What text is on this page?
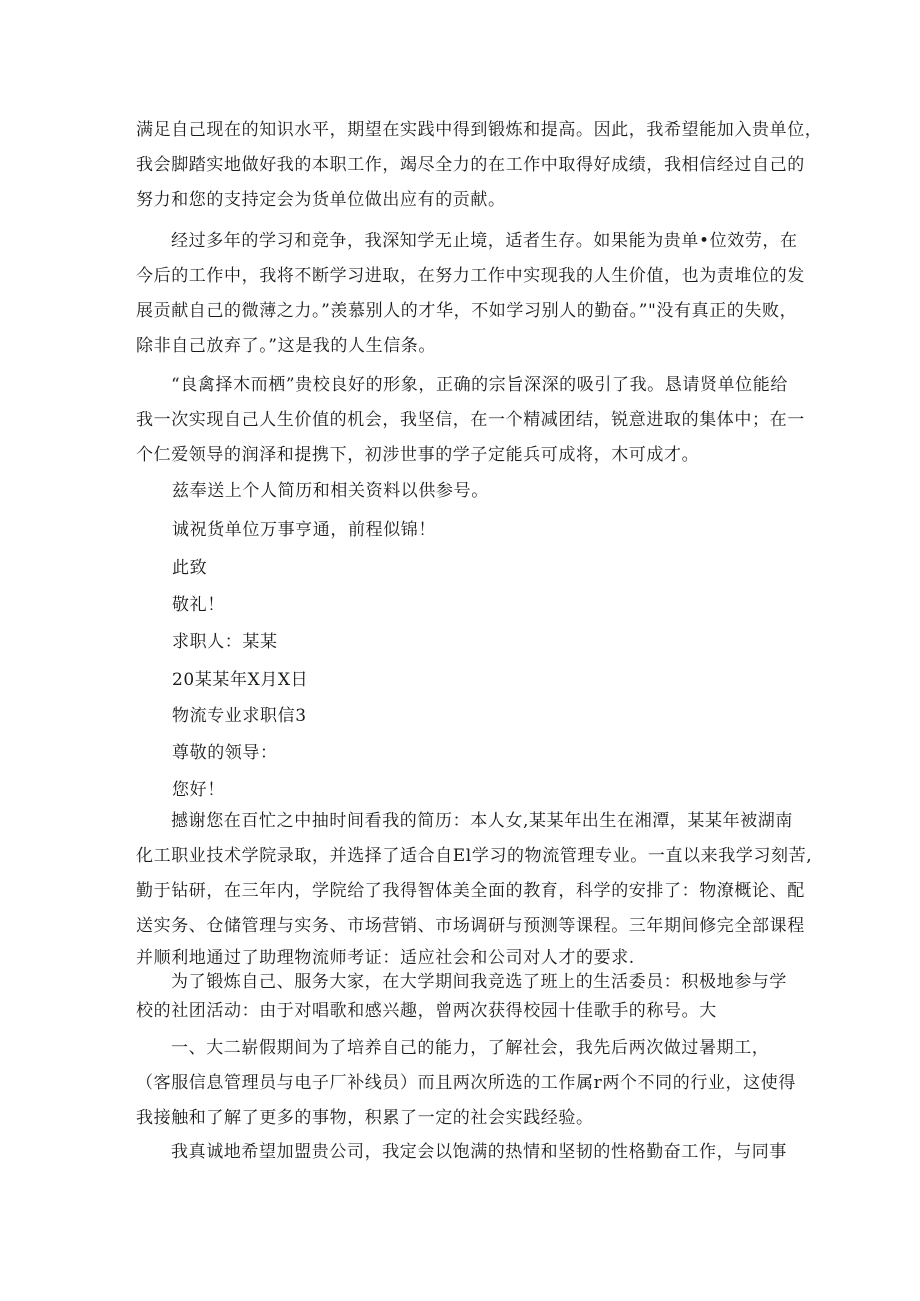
满足自己现在的知识水平，期望在实践中得到锻炼和提高。因此，我希望能加入贵单位，
我会脚踏实地做好我的本职工作，竭尽全力的在工作中取得好成绩，我相信经过自己的
努力和您的支持定会为货单位做出应有的贡献。
经过多年的学习和竞争，我深知学无止境，适者生存。如果能为贵单•位效劳，在
今后的工作中，我将不断学习进取，在努力工作中实现我的人生价值，也为责堆位的发
展贡献自己的微薄之力。”羡慕别人的才华，不如学习别人的勤奋。”"没有真正的失败，
除非自己放弃了。”这是我的人生信条。
“良禽择木而栖”贵校良好的形象，正确的宗旨深深的吸引了我。恳请贤单位能给
我一次实现自己人生价值的机会，我坚信，在一个精减团结，锐意进取的集体中；在一
个仁爱领导的润泽和提携下，初涉世事的学子定能兵可成将，木可成才。
兹奉送上个人简历和相关资料以供参号。
诚祝货单位万事亨通，前程似锦！
此致
敬礼！
求职人：某某
20某某年X月X日
物流专业求职信3
尊敬的领导：
您好！
撼谢您在百忙之中抽时间看我的简历：本人女,某某年出生在湘潭，某某年被湖南
化工职业技术学院录取，并选择了适合自El学习的物流管理专业。一直以来我学习刻苦,
勤于钻研，在三年内，学院给了我得智体美全面的教育，科学的安排了：物潦概论、配
送实务、仓储管理与实务、市场营销、市场调研与预测等课程。三年期间修完全部课程
并顺利地通过了助理物流师考证：适应社会和公司对人才的要求.
为了锻炼自己、服务大家，在大学期间我竞选了班上的生活委员：积极地参与学
校的社团活动：由于对唱歌和感兴趣，曾两次获得校园十佳歌手的称号。大
一、大二崭假期间为了培养自己的能力，了解社会，我先后两次做过暑期工，
（客服信息管理员与电子厂补线员）而且两次所选的工作属r两个不同的行业，这使得
我接触和了解了更多的事物，积累了一定的社会实践经验。
我真诚地希望加盟贵公司，我定会以饱满的热情和坚韧的性格勤奋工作，与同事
